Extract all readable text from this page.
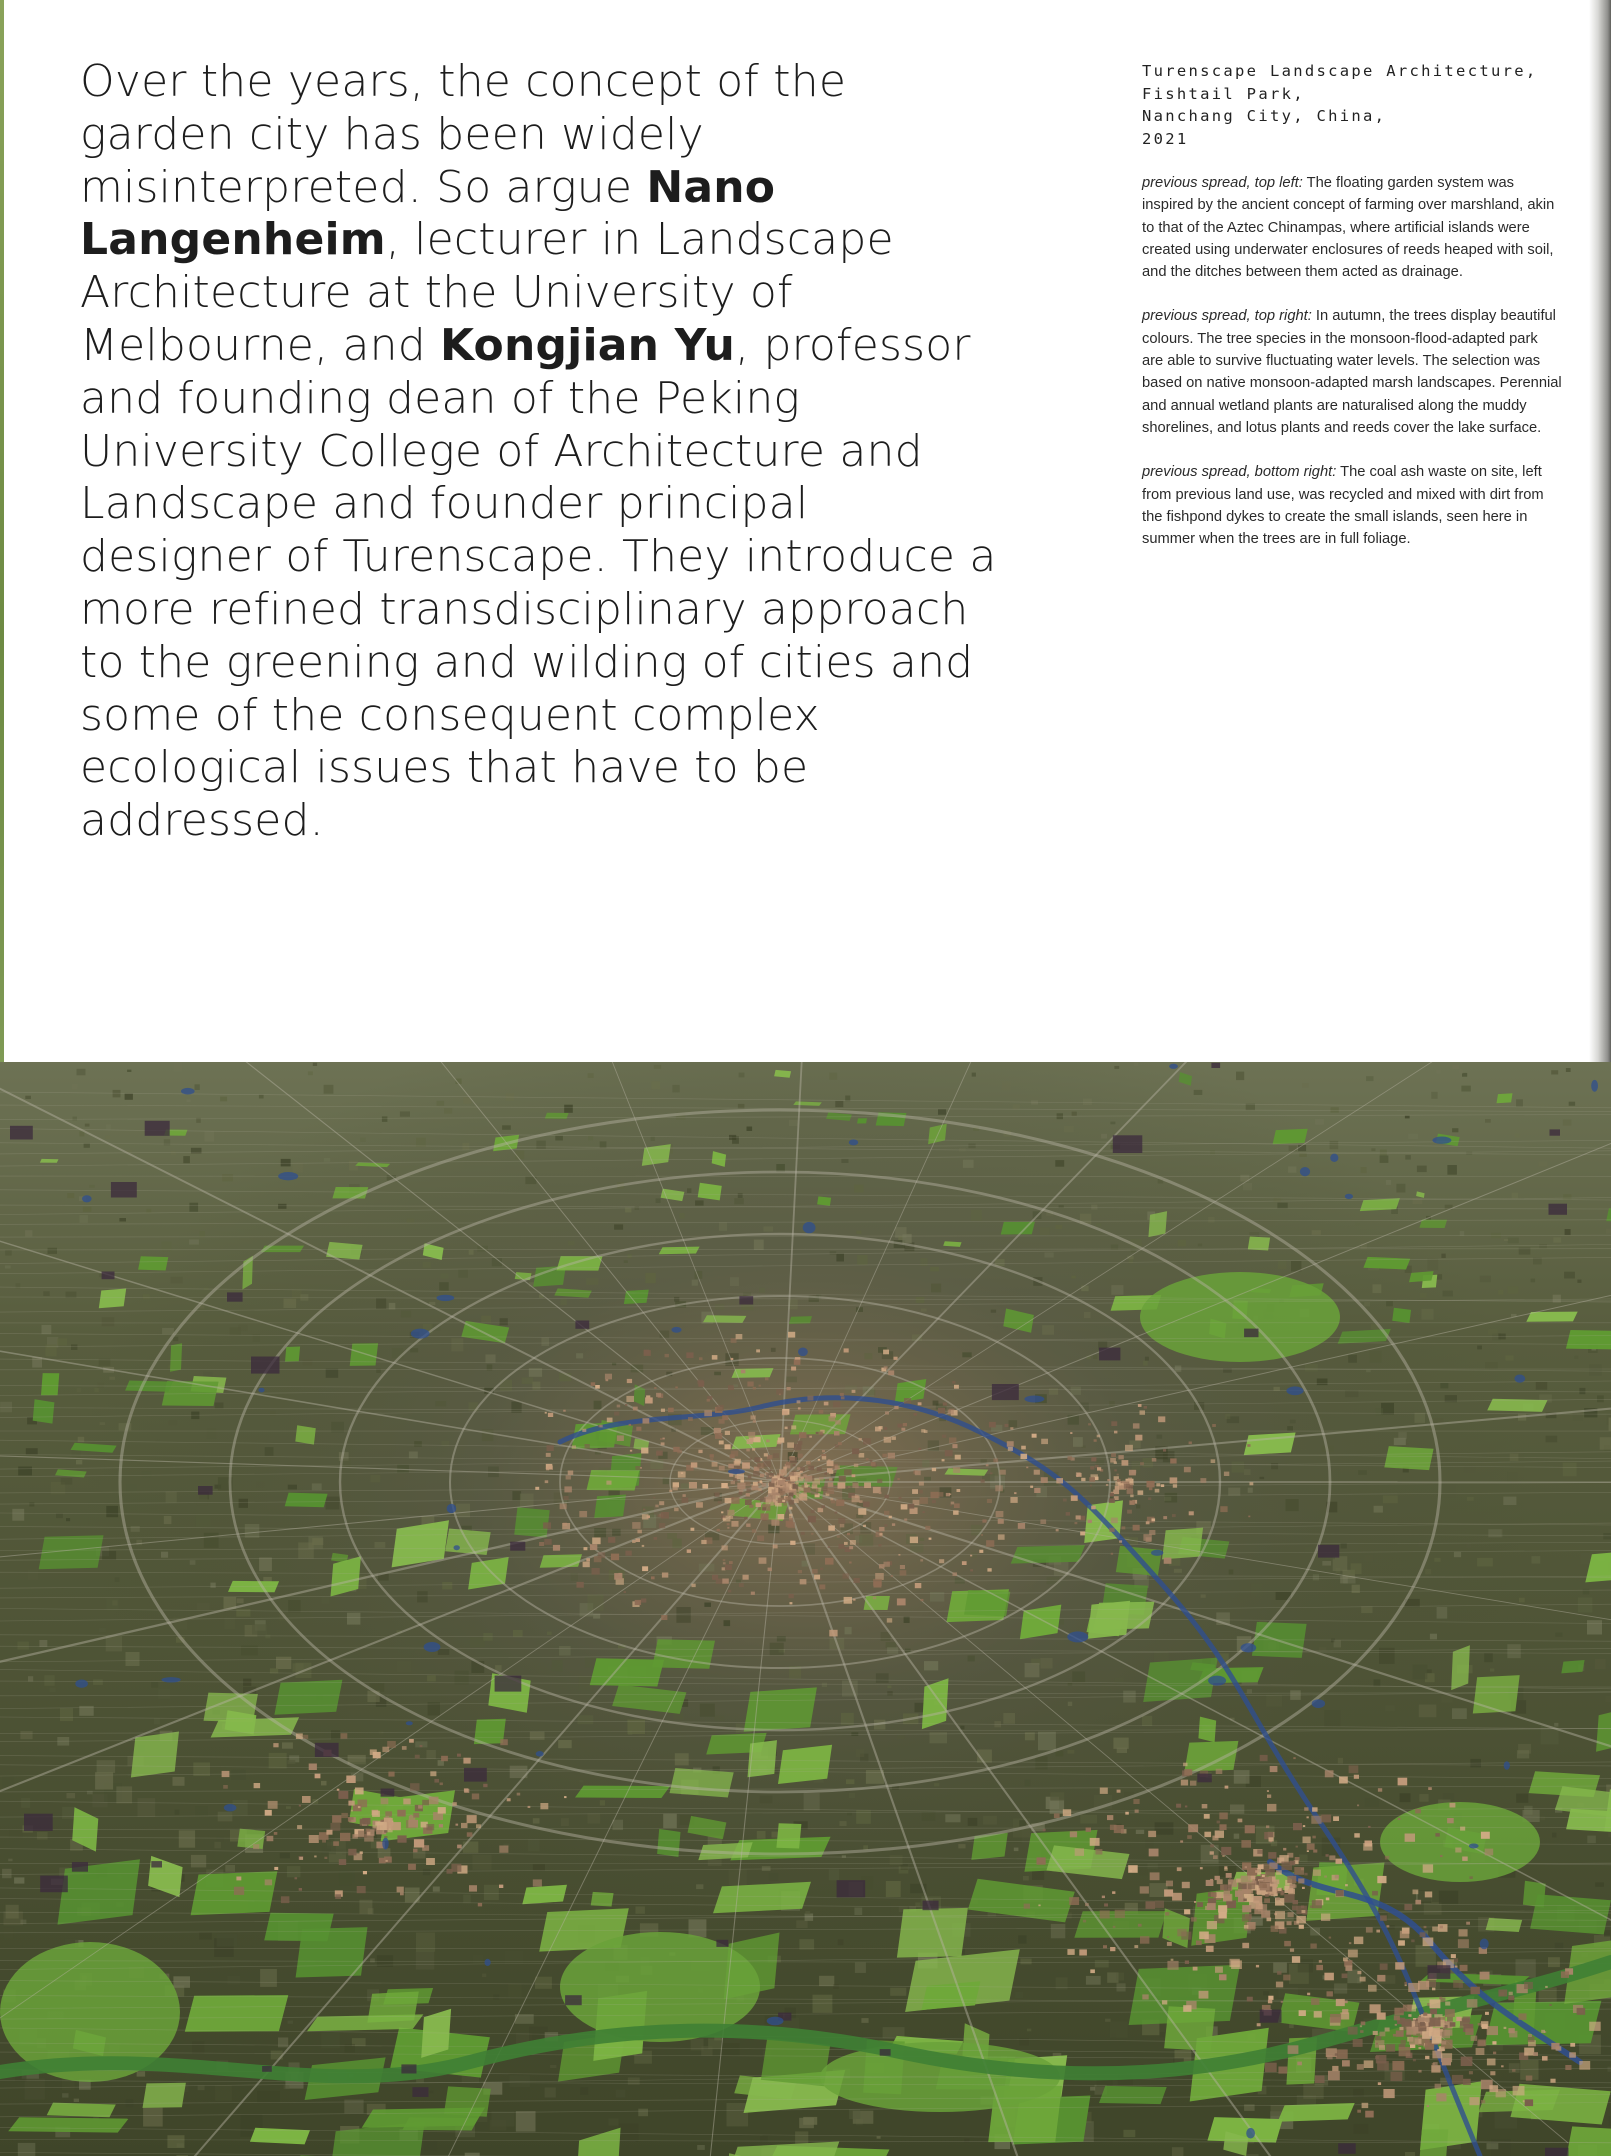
Over the years, the concept of the garden city has been widely misinterpreted. So argue Nano Langenheim, lecturer in Landscape Architecture at the University of Melbourne, and Kongjian Yu, professor and founding dean of the Peking University College of Architecture and Landscape and founder principal designer of Turenscape. They introduce a more refined transdisciplinary approach to the greening and wilding of cities and some of the consequent complex ecological issues that have to be addressed.

Turenscape Landscape Architecture,
Fishtail Park,
Nanchang City, China,
2021

previous spread, top left: The floating garden system was inspired by the ancient concept of farming over marshland, akin to that of the Aztec Chinampas, where artificial islands were created using underwater enclosures of reeds heaped with soil, and the ditches between them acted as drainage.

previous spread, top right: In autumn, the trees display beautiful colours. The tree species in the monsoon-flood-adapted park are able to survive fluctuating water levels. The selection was based on native monsoon-adapted marsh landscapes. Perennial and annual wetland plants are naturalised along the muddy shorelines, and lotus plants and reeds cover the lake surface.

previous spread, bottom right: The coal ash waste on site, left from previous land use, was recycled and mixed with dirt from the fishpond dykes to create the small islands, seen here in summer when the trees are in full foliage.
